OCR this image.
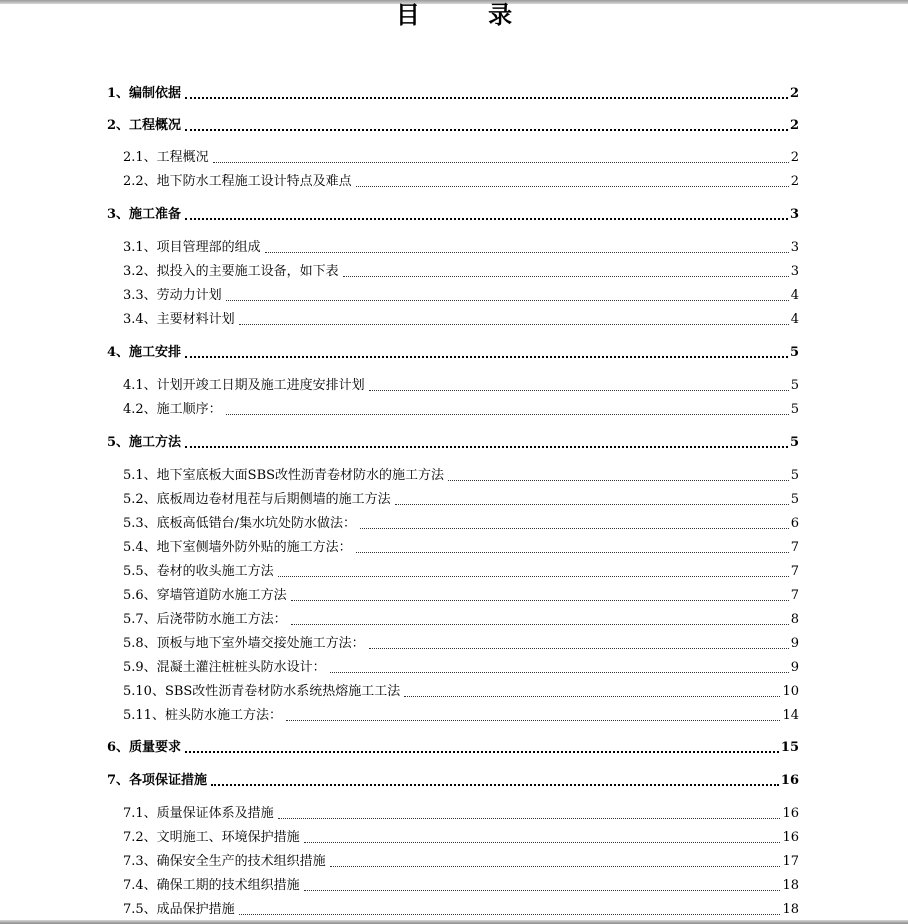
目 录
1、编制依据	2
2、工程概况	2
2.1、工程概况	2
2.2、地下防水工程施工设计特点及难点	2
3、施工准备	3
3.1、项目管理部的组成	3
3.2、拟投入的主要施工设备，如下表	3
3.3、劳动力计划	4
3.4、主要材料计划	4
4、施工安排	5
4.1、计划开竣工日期及施工进度安排计划	5
4.2、施工顺序：	5
5、施工方法	5
5.1、地下室底板大面SBS改性沥青卷材防水的施工方法	5
5.2、底板周边卷材甩茬与后期侧墙的施工方法	5
5.3、底板高低错台/集水坑处防水做法：	6
5.4、地下室侧墙外防外贴的施工方法：	7
5.5、卷材的收头施工方法	7
5.6、穿墙管道防水施工方法	7
5.7、后浇带防水施工方法：	8
5.8、顶板与地下室外墙交接处施工方法：	9
5.9、混凝土灌注桩桩头防水设计：	9
5.10、SBS改性沥青卷材防水系统热熔施工工法	10
5.11、桩头防水施工方法：	14
6、质量要求	15
7、各项保证措施	16
7.1、质量保证体系及措施	16
7.2、文明施工、环境保护措施	16
7.3、确保安全生产的技术组织措施	17
7.4、确保工期的技术组织措施	18
7.5、成品保护措施	18
